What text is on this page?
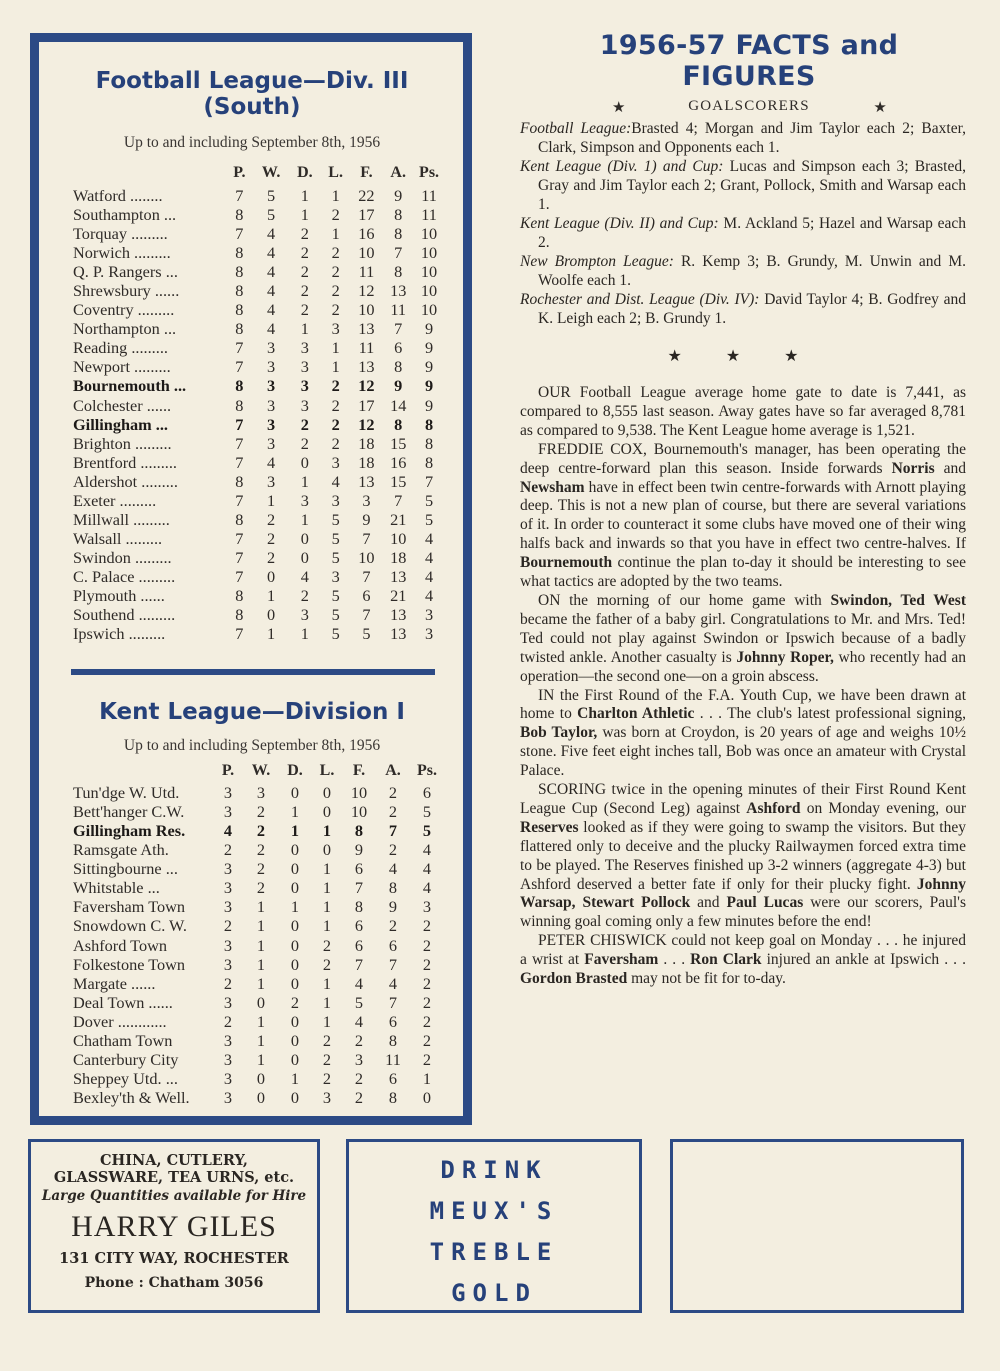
Football League—Div. III (South)
Up to and including September 8th, 1956
	P.	W.	D.	L.	F.	A.	Ps.
Watford ........	7	5	1	1	22	9	11
Southampton ...	8	5	1	2	17	8	11
Torquay .........	7	4	2	1	16	8	10
Norwich .........	8	4	2	2	10	7	10
Q. P. Rangers ...	8	4	2	2	11	8	10
Shrewsbury ......	8	4	2	2	12	13	10
Coventry .........	8	4	2	2	10	11	10
Northampton ...	8	4	1	3	13	7	9
Reading .........	7	3	3	1	11	6	9
Newport .........	7	3	3	1	13	8	9
Bournemouth ...	8	3	3	2	12	9	9
Colchester ......	8	3	3	2	17	14	9
Gillingham ...	7	3	2	2	12	8	8
Brighton .........	7	3	2	2	18	15	8
Brentford .........	7	4	0	3	18	16	8
Aldershot .........	8	3	1	4	13	15	7
Exeter .........	7	1	3	3	3	7	5
Millwall .........	8	2	1	5	9	21	5
Walsall .........	7	2	0	5	7	10	4
Swindon .........	7	2	0	5	10	18	4
C. Palace .........	7	0	4	3	7	13	4
Plymouth ......	8	1	2	5	6	21	4
Southend .........	8	0	3	5	7	13	3
Ipswich .........	7	1	1	5	5	13	3
Kent League—Division I
Up to and including September 8th, 1956
	P.	W.	D.	L.	F.	A.	Ps.
Tun'dge W. Utd.	3	3	0	0	10	2	6
Bett'hanger C.W.	3	2	1	0	10	2	5
Gillingham Res.	4	2	1	1	8	7	5
Ramsgate Ath.	2	2	0	0	9	2	4
Sittingbourne ...	3	2	0	1	6	4	4
Whitstable ...	3	2	0	1	7	8	4
Faversham Town	3	1	1	1	8	9	3
Snowdown C. W.	2	1	0	1	6	2	2
Ashford Town	3	1	0	2	6	6	2
Folkestone Town	3	1	0	2	7	7	2
Margate ......	2	1	0	1	4	4	2
Deal Town ......	3	0	2	1	5	7	2
Dover ............	2	1	0	1	4	6	2
Chatham Town	3	1	0	2	2	8	2
Canterbury City	3	1	0	2	3	11	2
Sheppey Utd. ...	3	0	1	2	2	6	1
Bexley'th & Well.	3	0	0	3	2	8	0
1956-57 FACTS and FIGURES
★	GOALSCORERS	★

Football League:Brasted 4; Morgan and Jim Taylor each 2; Baxter, Clark, Simpson and Opponents each 1.

Kent League (Div. 1) and Cup: Lucas and Simpson each 3; Brasted, Gray and Jim Taylor each 2; Grant, Pollock, Smith and Warsap each 1.

Kent League (Div. II) and Cup: M. Ackland 5; Hazel and Warsap each 2.

New Brompton League: R. Kemp 3; B. Grundy, M. Unwin and M. Woolfe each 1.

Rochester and Dist. League (Div. IV): David Taylor 4; B. Godfrey and K. Leigh each 2; B. Grundy 1.

★ ★ ★

OUR Football League average home gate to date is 7,441, as compared to 8,555 last season. Away gates have so far averaged 8,781 as compared to 9,538. The Kent League home average is 1,521.

FREDDIE COX, Bournemouth's manager, has been operating the deep centre-forward plan this season. Inside forwards Norris and Newsham have in effect been twin centre-forwards with Arnott playing deep. This is not a new plan of course, but there are several variations of it. In order to counteract it some clubs have moved one of their wing halfs back and inwards so that you have in effect two centre-halves. If Bournemouth continue the plan to-day it should be interesting to see what tactics are adopted by the two teams.

ON the morning of our home game with Swindon, Ted West became the father of a baby girl. Congratulations to Mr. and Mrs. Ted! Ted could not play against Swindon or Ipswich because of a badly twisted ankle. Another casualty is Johnny Roper, who recently had an operation—the second one—on a groin abscess.

IN the First Round of the F.A. Youth Cup, we have been drawn at home to Charlton Athletic . . . The club's latest professional signing, Bob Taylor, was born at Croydon, is 20 years of age and weighs 10½ stone. Five feet eight inches tall, Bob was once an amateur with Crystal Palace.

SCORING twice in the opening minutes of their First Round Kent League Cup (Second Leg) against Ashford on Monday evening, our Reserves looked as if they were going to swamp the visitors. But they flattered only to deceive and the plucky Railwaymen forced extra time to be played. The Reserves finished up 3-2 winners (aggregate 4-3) but Ashford deserved a better fate if only for their plucky fight. Johnny Warsap, Stewart Pollock and Paul Lucas were our scorers, Paul's winning goal coming only a few minutes before the end!

PETER CHISWICK could not keep goal on Monday . . . he injured a wrist at Faversham . . . Ron Clark injured an ankle at Ipswich . . . Gordon Brasted may not be fit for to-day.

CHINA, CUTLERY,
GLASSWARE, TEA URNS, etc.
Large Quantities available for Hire
HARRY GILES
131 CITY WAY, ROCHESTER
Phone : Chatham 3056
DRINK
MEUX'S
TREBLE
GOLD
